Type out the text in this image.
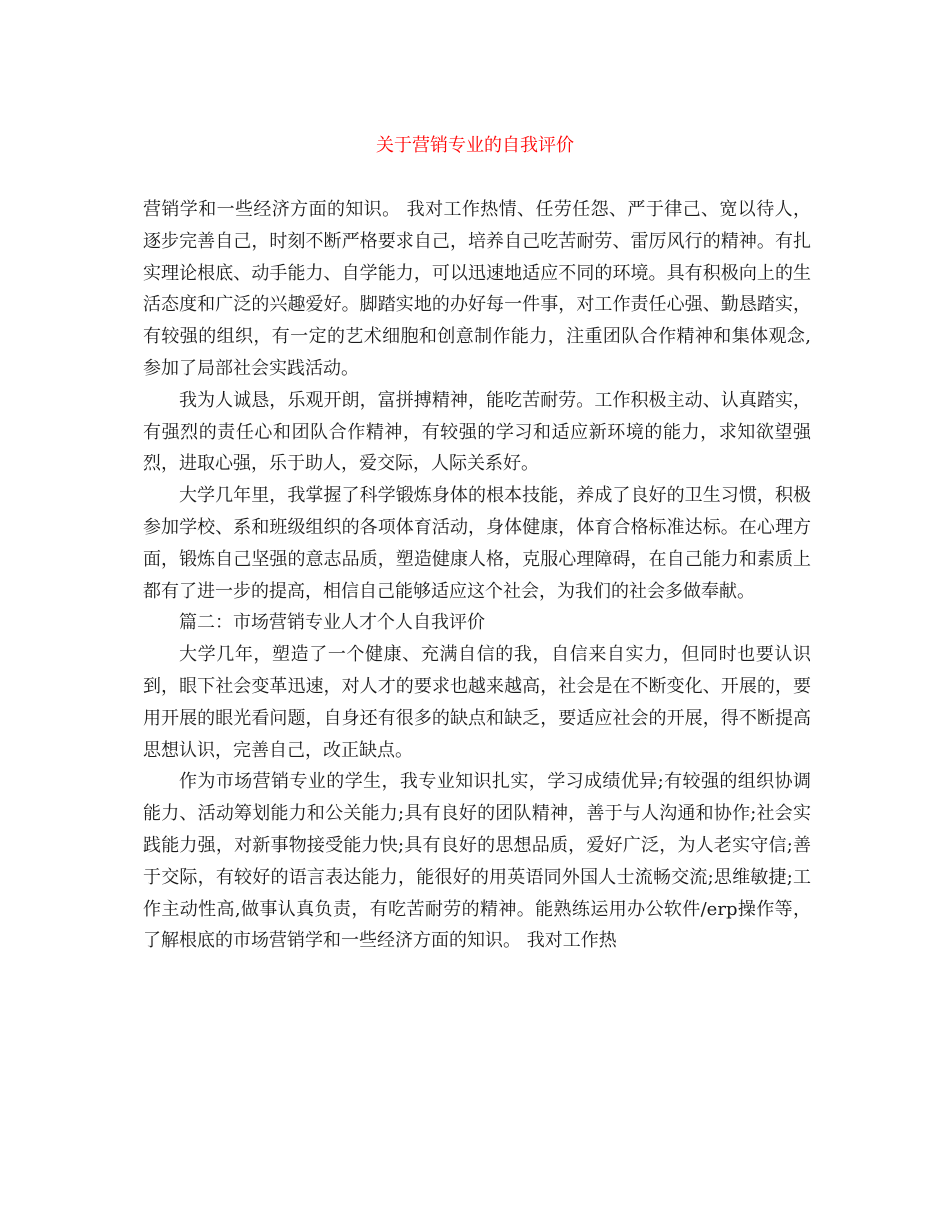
关于营销专业的自我评价

营销学和一些经济方面的知识。 我对工作热情、任劳任怨、严于律己、宽以待人，逐步完善自己，时刻不断严格要求自己，培养自己吃苦耐劳、雷厉风行的精神。有扎实理论根底、动手能力、自学能力，可以迅速地适应不同的环境。具有积极向上的生活态度和广泛的兴趣爱好。脚踏实地的办好每一件事，对工作责任心强、勤恳踏实，有较强的组织，有一定的艺术细胞和创意制作能力，注重团队合作精神和集体观念,参加了局部社会实践活动。

我为人诚恳，乐观开朗，富拼搏精神，能吃苦耐劳。工作积极主动、认真踏实，有强烈的责任心和团队合作精神，有较强的学习和适应新环境的能力，求知欲望强烈，进取心强，乐于助人，爱交际，人际关系好。

大学几年里，我掌握了科学锻炼身体的根本技能，养成了良好的卫生习惯，积极参加学校、系和班级组织的各项体育活动，身体健康，体育合格标准达标。在心理方面，锻炼自己坚强的意志品质，塑造健康人格，克服心理障碍，在自己能力和素质上都有了进一步的提高，相信自己能够适应这个社会，为我们的社会多做奉献。

篇二：市场营销专业人才个人自我评价

大学几年，塑造了一个健康、充满自信的我，自信来自实力，但同时也要认识到，眼下社会变革迅速，对人才的要求也越来越高，社会是在不断变化、开展的，要用开展的眼光看问题，自身还有很多的缺点和缺乏，要适应社会的开展，得不断提高思想认识，完善自己，改正缺点。

作为市场营销专业的学生，我专业知识扎实，学习成绩优异;有较强的组织协调能力、活动筹划能力和公关能力;具有良好的团队精神，善于与人沟通和协作;社会实践能力强，对新事物接受能力快;具有良好的思想品质，爱好广泛，为人老实守信;善于交际，有较好的语言表达能力，能很好的用英语同外国人士流畅交流;思维敏捷;工作主动性高,做事认真负责，有吃苦耐劳的精神。能熟练运用办公软件/erp操作等，了解根底的市场营销学和一些经济方面的知识。 我对工作热
